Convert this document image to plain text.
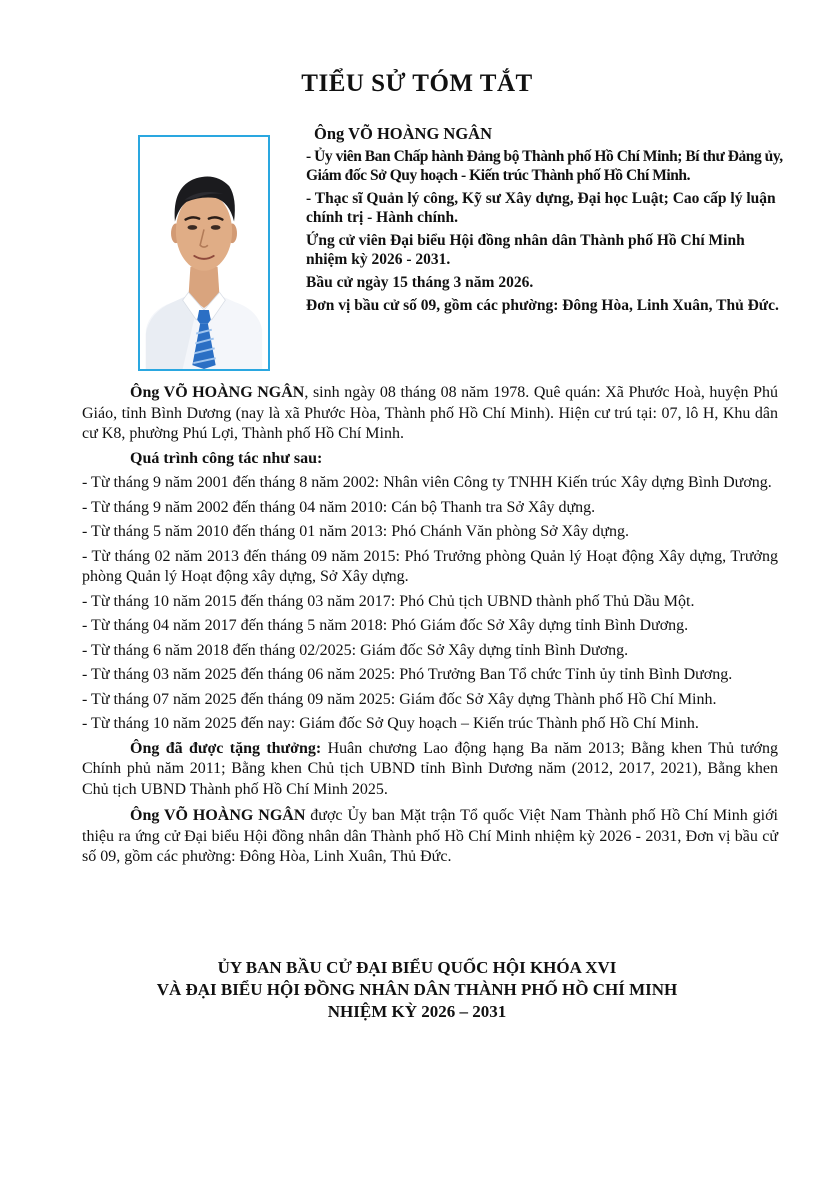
TIỂU SỬ TÓM TẮT

Ông VÕ HOÀNG NGÂN

- Ủy viên Ban Chấp hành Đảng bộ Thành phố Hồ Chí Minh; Bí thư Đảng ủy, Giám đốc Sở Quy hoạch - Kiến trúc Thành phố Hồ Chí Minh.

- Thạc sĩ Quản lý công, Kỹ sư Xây dựng, Đại học Luật; Cao cấp lý luận chính trị - Hành chính.

Ứng cử viên Đại biểu Hội đồng nhân dân Thành phố Hồ Chí Minh nhiệm kỳ 2026 - 2031.

Bầu cử ngày 15 tháng 3 năm 2026.

Đơn vị bầu cử số 09, gồm các phường: Đông Hòa, Linh Xuân, Thủ Đức.

Ông VÕ HOÀNG NGÂN, sinh ngày 08 tháng 08 năm 1978. Quê quán: Xã Phước Hoà, huyện Phú Giáo, tỉnh Bình Dương (nay là xã Phước Hòa, Thành phố Hồ Chí Minh). Hiện cư trú tại: 07, lô H, Khu dân cư K8, phường Phú Lợi, Thành phố Hồ Chí Minh.

Quá trình công tác như sau:

- Từ tháng 9 năm 2001 đến tháng 8 năm 2002: Nhân viên Công ty TNHH Kiến trúc Xây dựng Bình Dương.

- Từ tháng 9 năm 2002 đến tháng 04 năm 2010: Cán bộ Thanh tra Sở Xây dựng.

- Từ tháng 5 năm 2010 đến tháng 01 năm 2013: Phó Chánh Văn phòng Sở Xây dựng.

- Từ tháng 02 năm 2013 đến tháng 09 năm 2015: Phó Trưởng phòng Quản lý Hoạt động Xây dựng, Trưởng phòng Quản lý Hoạt động xây dựng, Sở Xây dựng.

- Từ tháng 10 năm 2015 đến tháng 03 năm 2017: Phó Chủ tịch UBND thành phố Thủ Dầu Một.

- Từ tháng 04 năm 2017 đến tháng 5 năm 2018: Phó Giám đốc Sở Xây dựng tỉnh Bình Dương.

- Từ tháng 6 năm 2018 đến tháng 02/2025: Giám đốc Sở Xây dựng tỉnh Bình Dương.

- Từ tháng 03 năm 2025 đến tháng 06 năm 2025: Phó Trưởng Ban Tổ chức Tỉnh ủy tỉnh Bình Dương.

- Từ tháng 07 năm 2025 đến tháng 09 năm 2025: Giám đốc Sở Xây dựng Thành phố Hồ Chí Minh.

- Từ tháng 10 năm 2025 đến nay: Giám đốc Sở Quy hoạch – Kiến trúc Thành phố Hồ Chí Minh.

Ông đã được tặng thưởng: Huân chương Lao động hạng Ba năm 2013; Bằng khen Thủ tướng Chính phủ năm 2011; Bằng khen Chủ tịch UBND tỉnh Bình Dương năm (2012, 2017, 2021), Bằng khen Chủ tịch UBND Thành phố Hồ Chí Minh 2025.

Ông VÕ HOÀNG NGÂN được Ủy ban Mặt trận Tổ quốc Việt Nam Thành phố Hồ Chí Minh giới thiệu ra ứng cử Đại biểu Hội đồng nhân dân Thành phố Hồ Chí Minh nhiệm kỳ 2026 - 2031, Đơn vị bầu cử số 09, gồm các phường: Đông Hòa, Linh Xuân, Thủ Đức.

ỦY BAN BẦU CỬ ĐẠI BIỂU QUỐC HỘI KHÓA XVI
VÀ ĐẠI BIỂU HỘI ĐỒNG NHÂN DÂN THÀNH PHỐ HỒ CHÍ MINH
NHIỆM KỲ 2026 – 2031
